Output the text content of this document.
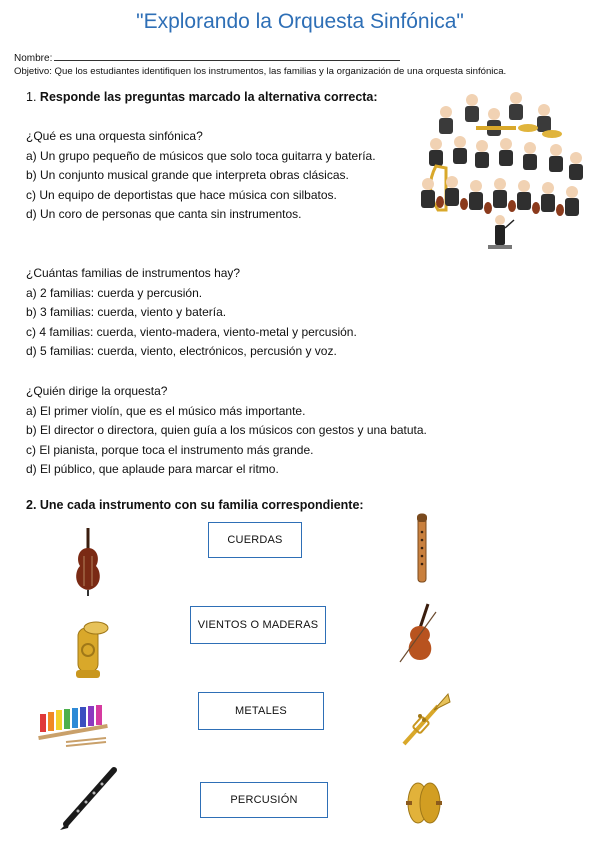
"Explorando la Orquesta Sinfónica"
Nombre:
Objetivo: Que los estudiantes identifiquen los instrumentos, las familias y la organización de una orquesta sinfónica.
1. Responde las preguntas marcado la alternativa correcta:
¿Qué es una orquesta sinfónica?
a) Un grupo pequeño de músicos que solo toca guitarra y batería.
b) Un conjunto musical grande que interpreta obras clásicas.
c) Un equipo de deportistas que hace música con silbatos.
d) Un coro de personas que canta sin instrumentos.
¿Cuántas familias de instrumentos hay?
a) 2 familias: cuerda y percusión.
b) 3 familias: cuerda, viento y batería.
c) 4 familias: cuerda, viento-madera, viento-metal y percusión.
d) 5 familias: cuerda, viento, electrónicos, percusión y voz.
¿Quién dirige la orquesta?
a) El primer violín, que es el músico más importante.
b) El director o directora, quien guía a los músicos con gestos y una batuta.
c) El pianista, porque toca el instrumento más grande.
d) El público, que aplaude para marcar el ritmo.
2. Une cada instrumento con su familia correspondiente:
CUERDAS
VIENTOS O MADERAS
METALES
PERCUSIÓN
